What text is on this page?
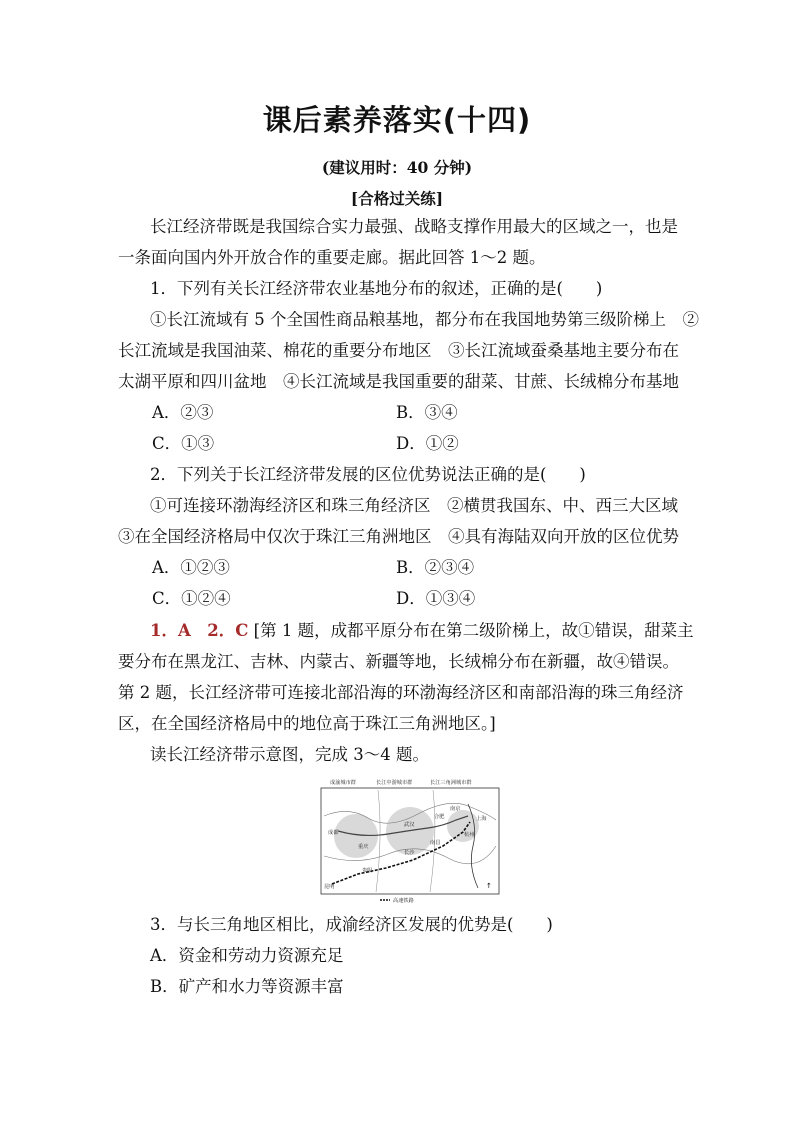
课后素养落实(十四)
(建议用时：40 分钟)
[合格过关练]
长江经济带既是我国综合实力最强、战略支撑作用最大的区域之一，也是
一条面向国内外开放合作的重要走廊。据此回答 1～2 题。
1．下列有关长江经济带农业基地分布的叙述，正确的是(　　)
①长江流域有 5 个全国性商品粮基地，都分布在我国地势第三级阶梯上　②
长江流域是我国油菜、棉花的重要分布地区　③长江流域蚕桑基地主要分布在
太湖平原和四川盆地　④长江流域是我国重要的甜菜、甘蔗、长绒棉分布基地
A．②③	B．③④
C．①③	D．①②
2．下列关于长江经济带发展的区位优势说法正确的是(　　)
①可连接环渤海经济区和珠三角经济区　②横贯我国东、中、西三大区域
③在全国经济格局中仅次于珠江三角洲地区　④具有海陆双向开放的区位优势
A．①②③	B．②③④
C．①②④	D．①③④
1．A　2．C [第 1 题，成都平原分布在第二级阶梯上，故①错误，甜菜主
要分布在黑龙江、吉林、内蒙古、新疆等地，长绒棉分布在新疆，故④错误。
第 2 题，长江经济带可连接北部沿海的环渤海经济区和南部沿海的珠三角经济
区，在全国经济格局中的地位高于珠江三角洲地区。]
读长江经济带示意图，完成 3～4 题。
成渝城市群	长江中游城市群	长江三角洲城市群
成都
重庆
武汉
合肥
南京
上海
杭州
南昌
长沙
贵阳
昆明
高速铁路
↑
3．与长三角地区相比，成渝经济区发展的优势是(　　)
A．资金和劳动力资源充足
B．矿产和水力等资源丰富
